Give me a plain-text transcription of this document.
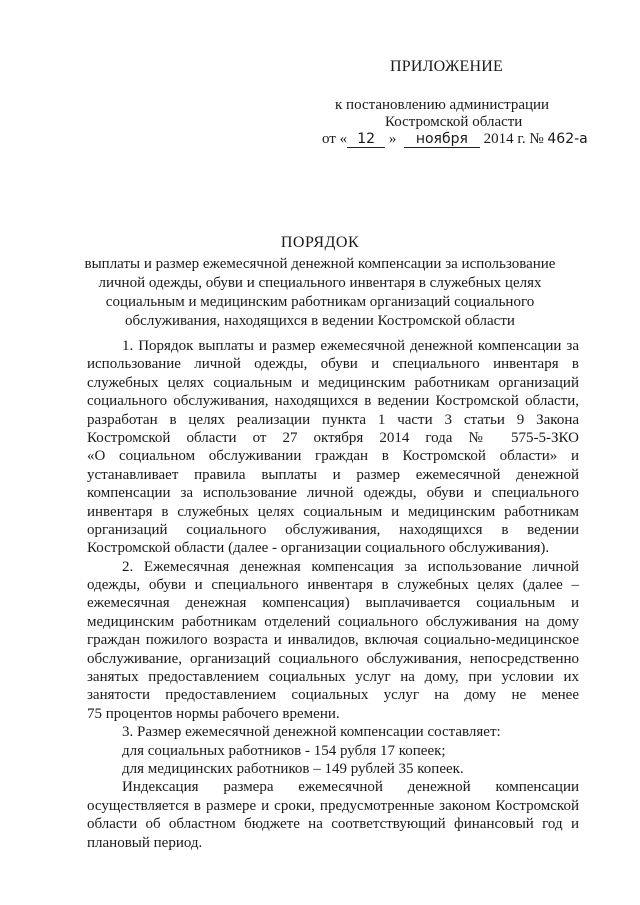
ПРИЛОЖЕНИЕ
к постановлению администрации
Костромской области
от « 12 » ноября 2014 г. № 462-а
ПОРЯДОК
выплаты и размер ежемесячной денежной компенсации за использование
личной одежды, обуви и специального инвентаря в служебных целях
социальным и медицинским работникам организаций социального
обслуживания, находящихся в ведении Костромской области
1. Порядок выплаты и размер ежемесячной денежной компенсации за
использование личной одежды, обуви и специального инвентаря в
служебных целях социальным и медицинским работникам организаций
социального обслуживания, находящихся в ведении Костромской области,
разработан в целях реализации пункта 1 части 3 статьи 9 Закона
Костромской области от 27 октября 2014 года № 575-5-ЗКО
«О социальном обслуживании граждан в Костромской области» и
устанавливает правила выплаты и размер ежемесячной денежной
компенсации за использование личной одежды, обуви и специального
инвентаря в служебных целях социальным и медицинским работникам
организаций социального обслуживания, находящихся в ведении
Костромской области (далее - организации социального обслуживания).
2. Ежемесячная денежная компенсация за использование личной
одежды, обуви и специального инвентаря в служебных целях (далее –
ежемесячная денежная компенсация) выплачивается социальным и
медицинским работникам отделений социального обслуживания на дому
граждан пожилого возраста и инвалидов, включая социально-медицинское
обслуживание, организаций социального обслуживания, непосредственно
занятых предоставлением социальных услуг на дому, при условии их
занятости предоставлением социальных услуг на дому не менее
75 процентов нормы рабочего времени.
3. Размер ежемесячной денежной компенсации составляет:
для социальных работников - 154 рубля 17 копеек;
для медицинских работников – 149 рублей 35 копеек.
Индексация размера ежемесячной денежной компенсации
осуществляется в размере и сроки, предусмотренные законом Костромской
области об областном бюджете на соответствующий финансовый год и
плановый период.
